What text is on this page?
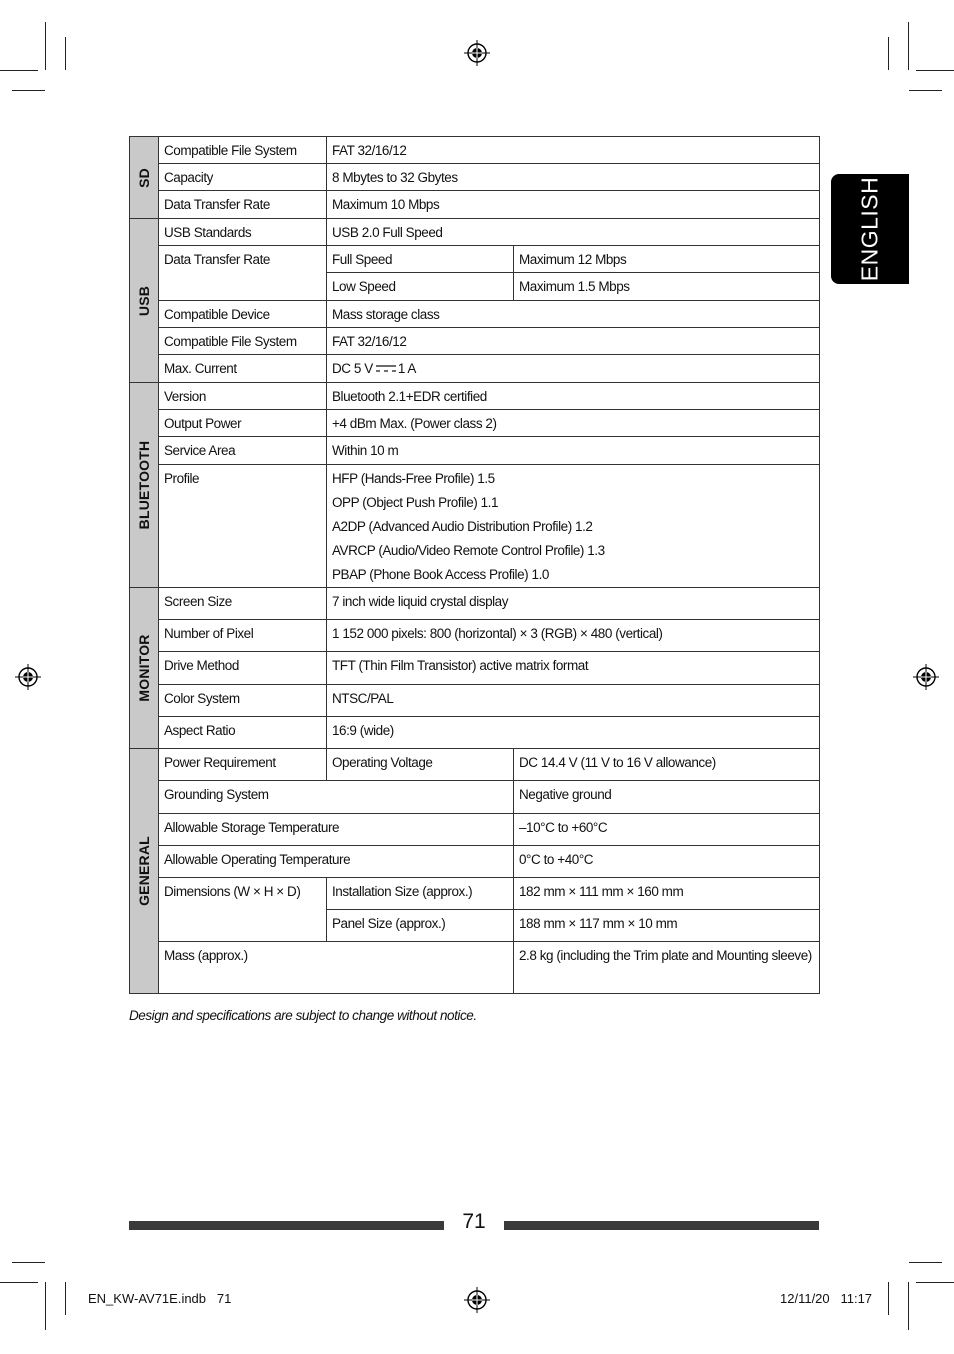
ENGLISH
SD	Compatible File System	FAT 32/16/12	
	Capacity	8 Mbytes to 32 Gbytes	
	Data Transfer Rate	Maximum 10 Mbps	

USB	USB Standards	USB 2.0 Full Speed	
	Data Transfer Rate	Full Speed	Maximum 12 Mbps
		Low Speed	Maximum 1.5 Mbps
	Compatible Device	Mass storage class	
	Compatible File System	FAT 32/16/12	
	Max. Current	DC 5 V 1 A	

BLUETOOTH	Version	Bluetooth 2.1+EDR certified	
	Output Power	+4 dBm Max. (Power class 2)	
	Service Area	Within 10 m	
	Profile	HFP (Hands-Free Profile) 1.5
OPP (Object Push Profile) 1.1
A2DP (Advanced Audio Distribution Profile) 1.2
AVRCP (Audio/Video Remote Control Profile) 1.3
PBAP (Phone Book Access Profile) 1.0	

MONITOR	Screen Size	7 inch wide liquid crystal display	
	Number of Pixel	1 152 000 pixels: 800 (horizontal) × 3 (RGB) × 480 (vertical)	
	Drive Method	TFT (Thin Film Transistor) active matrix format	
	Color System	NTSC/PAL	
	Aspect Ratio	16:9 (wide)	

GENERAL	Power Requirement	Operating Voltage	DC 14.4 V (11 V to 16 V allowance)
	Grounding System		Negative ground
	Allowable Storage Temperature		–10°C to +60°C
	Allowable Operating Temperature		0°C to +40°C
	Dimensions (W × H × D)	Installation Size (approx.)	182 mm × 111 mm × 160 mm
		Panel Size (approx.)	188 mm × 117 mm × 10 mm
	Mass (approx.)		2.8 kg (including the Trim plate and Mounting sleeve)
Design and specifications are subject to change without notice.
71
EN_KW-AV71E.indb   71	12/11/20   11:17
